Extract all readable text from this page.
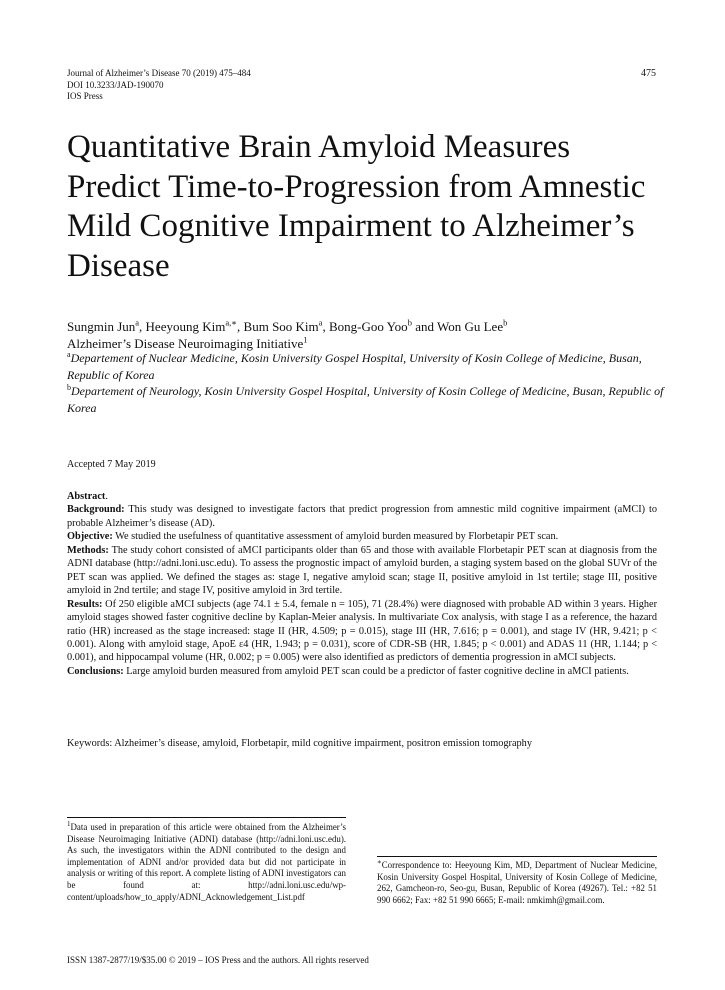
Journal of Alzheimer’s Disease 70 (2019) 475–484
DOI 10.3233/JAD-190070
IOS Press
475
Quantitative Brain Amyloid Measures Predict Time-to-Progression from Amnestic Mild Cognitive Impairment to Alzheimer’s Disease
Sungmin Jun$^a$, Heeyoung Kim$^{a,∗}$, Bum Soo Kim$^a$, Bong-Goo Yoo$^b$ and Won Gu Lee$^b$
Alzheimer’s Disease Neuroimaging Initiative$^1$
$^a$Departement of Nuclear Medicine, Kosin University Gospel Hospital, University of Kosin College of Medicine, Busan, Republic of Korea
$^b$Departement of Neurology, Kosin University Gospel Hospital, University of Kosin College of Medicine, Busan, Republic of Korea
Accepted 7 May 2019

Abstract.

Background: This study was designed to investigate factors that predict progression from amnestic mild cognitive impairment (aMCI) to probable Alzheimer’s disease (AD).

Objective: We studied the usefulness of quantitative assessment of amyloid burden measured by Florbetapir PET scan.

Methods: The study cohort consisted of aMCI participants older than 65 and those with available Florbetapir PET scan at diagnosis from the ADNI database (http://adni.loni.usc.edu). To assess the prognostic impact of amyloid burden, a staging system based on the global SUVr of the PET scan was applied. We defined the stages as: stage I, negative amyloid scan; stage II, positive amyloid in 1st tertile; stage III, positive amyloid in 2nd tertile; and stage IV, positive amyloid in 3rd tertile.

Results: Of 250 eligible aMCI subjects (age 74.1 ± 5.4, female n = 105), 71 (28.4%) were diagnosed with probable AD within 3 years. Higher amyloid stages showed faster cognitive decline by Kaplan-Meier analysis. In multivariate Cox analysis, with stage I as a reference, the hazard ratio (HR) increased as the stage increased: stage II (HR, 4.509; p = 0.015), stage III (HR, 7.616; p = 0.001), and stage IV (HR, 9.421; p < 0.001). Along with amyloid stage, ApoE ε4 (HR, 1.943; p = 0.031), score of CDR-SB (HR, 1.845; p < 0.001) and ADAS 11 (HR, 1.144; p < 0.001), and hippocampal volume (HR, 0.002; p = 0.005) were also identified as predictors of dementia progression in aMCI subjects.

Conclusions: Large amyloid burden measured from amyloid PET scan could be a predictor of faster cognitive decline in aMCI patients.

Keywords: Alzheimer’s disease, amyloid, Florbetapir, mild cognitive impairment, positron emission tomography
$^1$Data used in preparation of this article were obtained from the Alzheimer’s Disease Neuroimaging Initiative (ADNI) database (http://adni.loni.usc.edu). As such, the investigators within the ADNI contributed to the design and implementation of ADNI and/or provided data but did not participate in analysis or writing of this report. A complete listing of ADNI investigators can be found at: http://adni.loni.usc.edu/wp-content/uploads/how_to_apply/ADNI_Acknowledgement_List.pdf
∗Correspondence to: Heeyoung Kim, MD, Department of Nuclear Medicine, Kosin University Gospel Hospital, University of Kosin College of Medicine, 262, Gamcheon-ro, Seo-gu, Busan, Republic of Korea (49267). Tel.: +82 51 990 6662; Fax: +82 51 990 6665; E-mail: nmkimh@gmail.com.
ISSN 1387-2877/19/$35.00 © 2019 – IOS Press and the authors. All rights reserved
